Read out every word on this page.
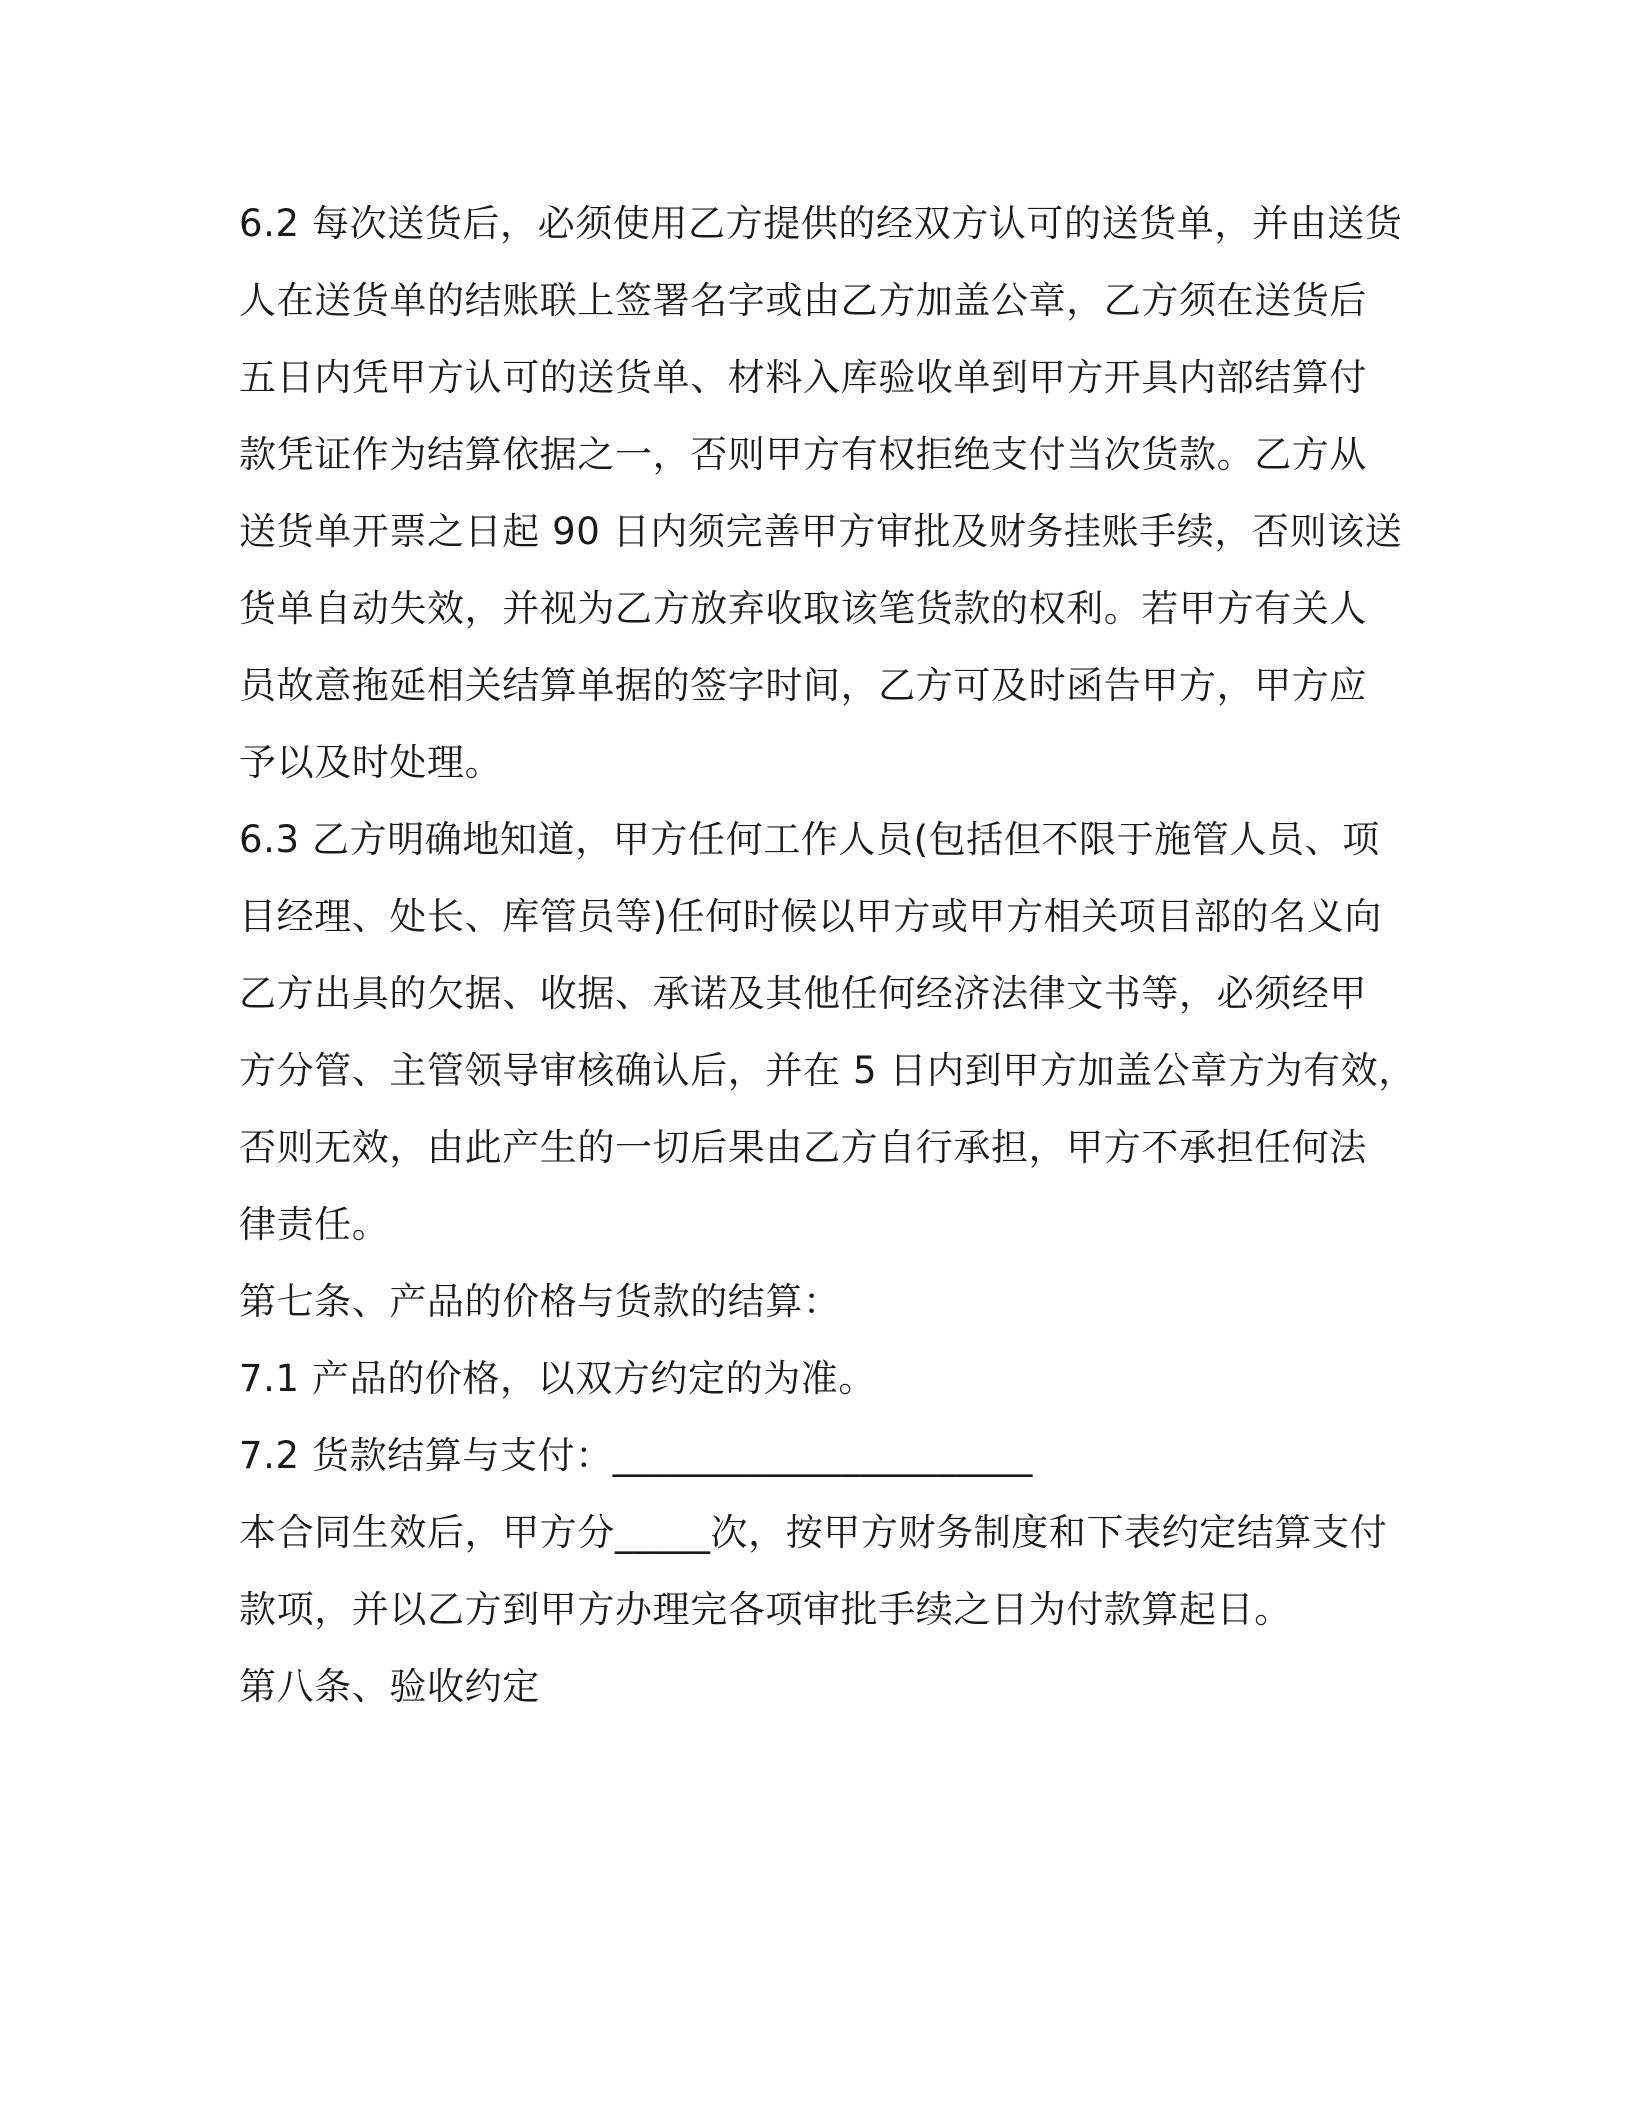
6.2 每次送货后，必须使用乙方提供的经双方认可的送货单，并由送货
人在送货单的结账联上签署名字或由乙方加盖公章，乙方须在送货后
五日内凭甲方认可的送货单、材料入库验收单到甲方开具内部结算付
款凭证作为结算依据之一，否则甲方有权拒绝支付当次货款。乙方从
送货单开票之日起 90 日内须完善甲方审批及财务挂账手续，否则该送
货单自动失效，并视为乙方放弃收取该笔货款的权利。若甲方有关人
员故意拖延相关结算单据的签字时间，乙方可及时函告甲方，甲方应
予以及时处理。
6.3 乙方明确地知道，甲方任何工作人员(包括但不限于施管人员、项
目经理、处长、库管员等)任何时候以甲方或甲方相关项目部的名义向
乙方出具的欠据、收据、承诺及其他任何经济法律文书等，必须经甲
方分管、主管领导审核确认后，并在 5 日内到甲方加盖公章方为有效，
否则无效，由此产生的一切后果由乙方自行承担，甲方不承担任何法
律责任。
第七条、产品的价格与货款的结算：
7.1 产品的价格，以双方约定的为准。
7.2 货款结算与支付：______________________
本合同生效后，甲方分_____次，按甲方财务制度和下表约定结算支付
款项，并以乙方到甲方办理完各项审批手续之日为付款算起日。
第八条、验收约定
